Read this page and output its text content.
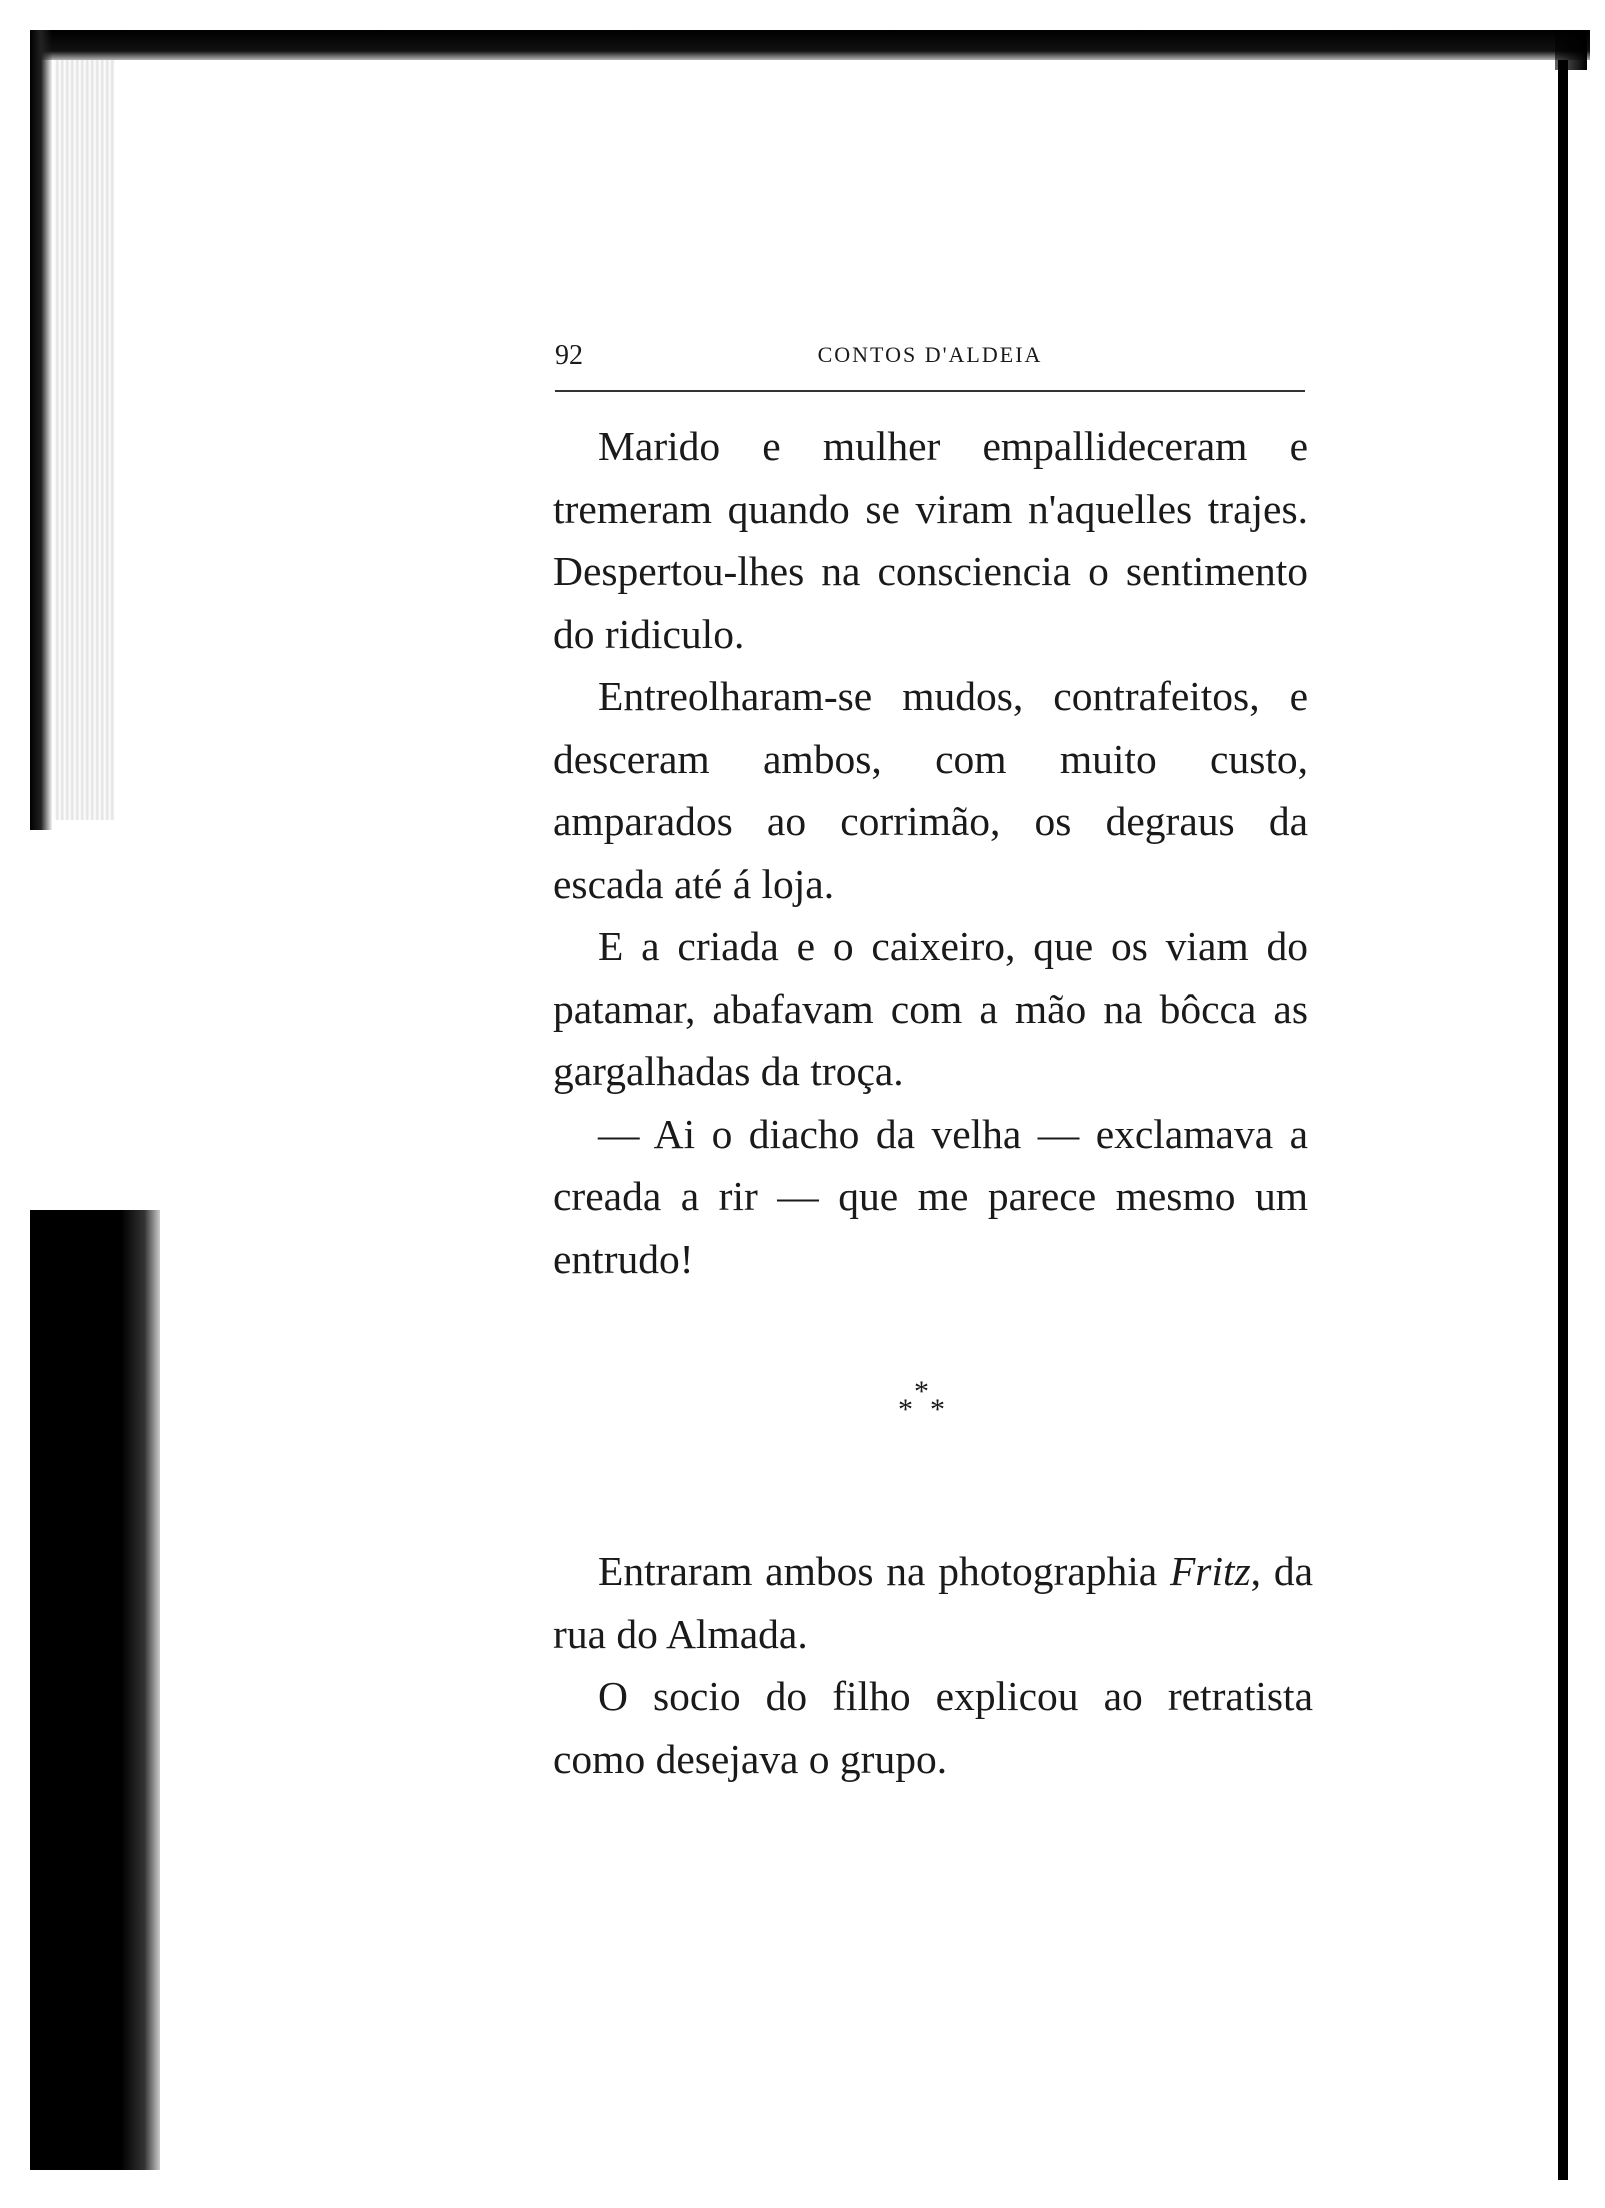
92	CONTOS D'ALDEIA

Marido e mulher empallideceram e tremeram quando se viram n'aquelles trajes. Despertou-lhes na consciencia o sentimento do ridiculo.

Entreolharam-se mudos, contrafeitos, e desceram ambos, com muito custo, amparados ao corrimão, os degraus da escada até á loja.

E a criada e o caixeiro, que os viam do patamar, abafavam com a mão na bôcca as gargalhadas da troça.

— Ai o diacho da velha — exclamava a creada a rir — que me parece mesmo um entrudo!

*
* *

Entraram ambos na photographia Fritz, da rua do Almada.

O socio do filho explicou ao retratista como desejava o grupo.
